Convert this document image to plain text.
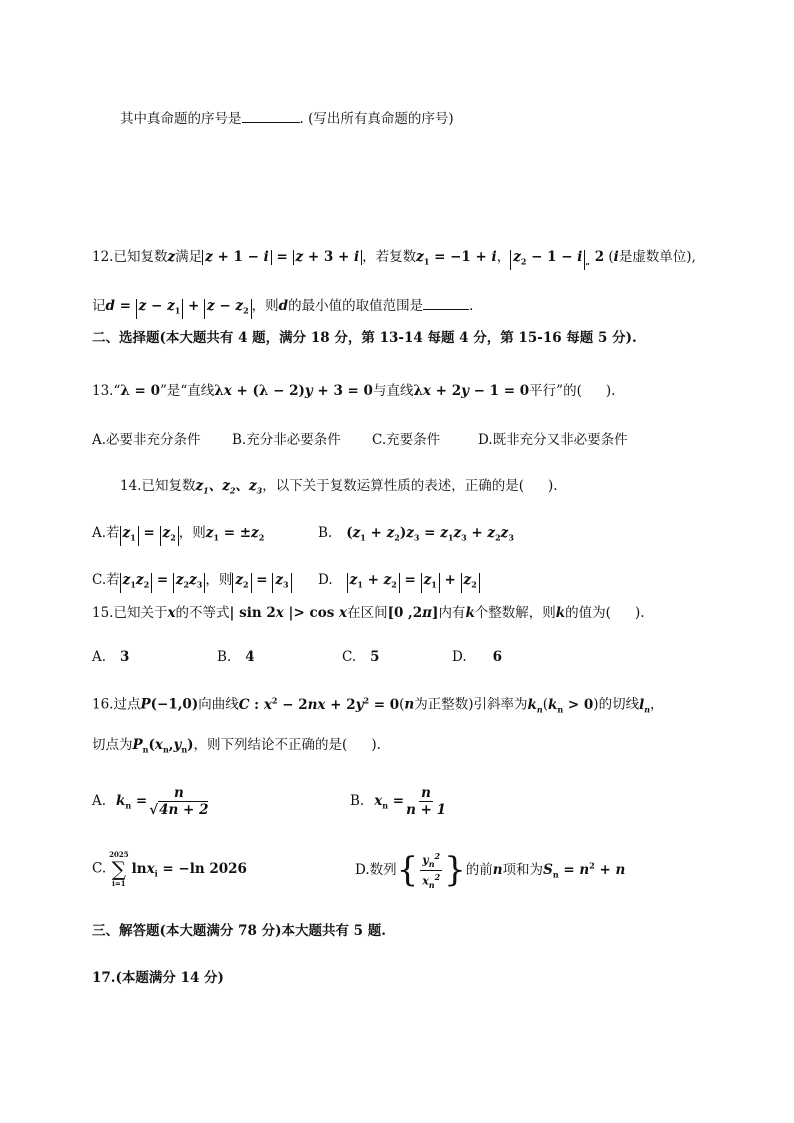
其中真命题的序号是	. (写出所有真命题的序号)
12.已知复数z满足 z + 1 − i = z + 3 + i ，若复数$z_1 = -1 + i$， $z_2 - 1 - i$ $_„$ 2 (i是虚数单位),
记$d = z - z_1 + z - z_2$ ，则d的最小值的取值范围是	.
二、选择题(本大题共有 4 题，满分 18 分，第 13-14 每题 4 分，第 15-16 每题 5 分).
13.“λ = 0”是“直线λx + (λ − 2)y + 3 = 0与直线λx + 2y − 1 = 0平行”的( ).
A.必要非充分条件 B.充分非必要条件 C.充要条件	D.既非充分又非必要条件
14.已知复数$z_1$、$z_2$、$z_3$，以下关于复数运算性质的表述，正确的是( ).
A.若 $z_1 = z_2$ ，则$z_1 = \pm z_2$	B. $(z_1 + z_2)z_3 = z_1z_3 + z_2z_3$
C.若 $z_1z_2 = z_2z_3$ ，则 $z_2 = z_3$ D. $z_1 + z_2 = z_1 + z_2$
15.已知关于x的不等式| sin 2x |> cos x在区间[0 ,2π]内有k个整数解，则k的值为( ).
A. 3	B. 4	C. 5	D. 6
16.过点P(−1,0)向曲线C : $x^2 - 2nx + 2y^2 = 0(n$为正整数)引斜率为$k_n(k_n > 0)$的切线$l_n$，
切点为$P_n(x_n,y_n)$，则下列结论不正确的是( ).
A. $k_n = \frac{n}{√4n + 2}$	B. $x_n = \frac{n}{n + 1}$
C.
2025
∑
i=1
lnx$_i$ = −ln 2026	D.数列 { $\frac{y_n^2}{x_n^2}$ } 的前n项和为$S_n = n^2 + n$
三、解答题(本大题满分 78 分)本大题共有 5 题.
17.(本题满分 14 分)
